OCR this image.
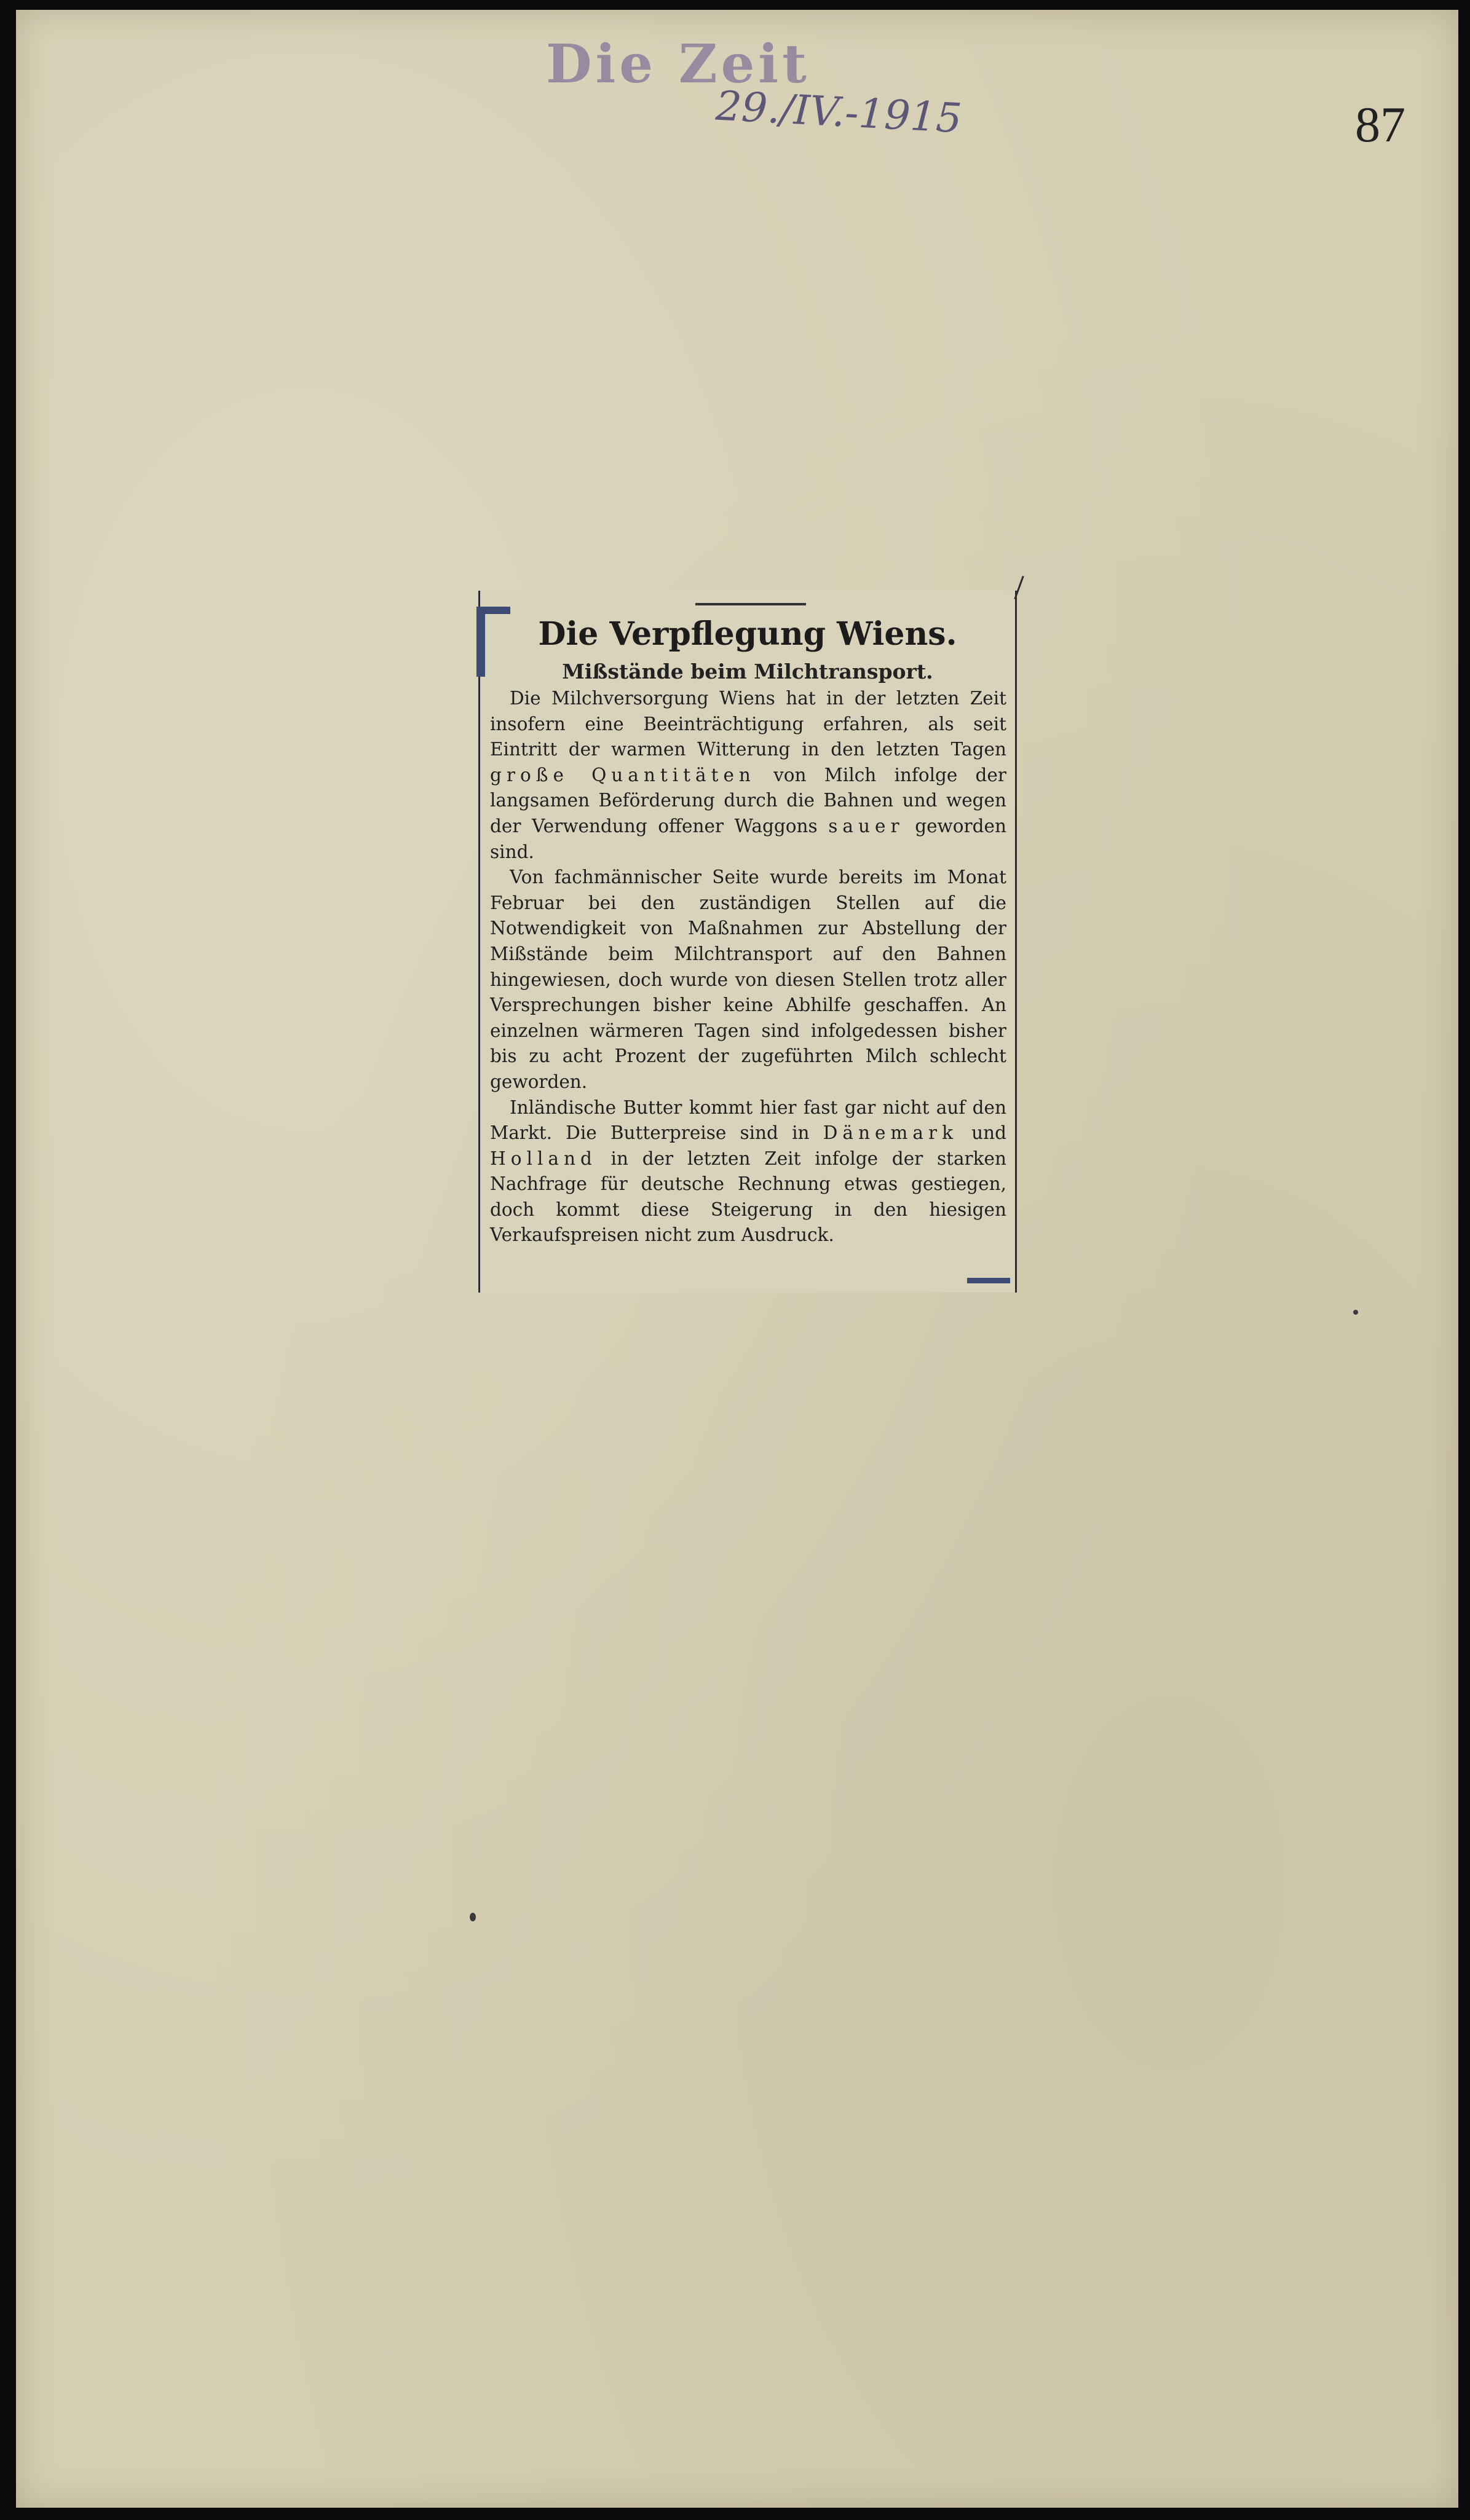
Die Zeit
29./IV.-1915	87
Die Verpflegung Wiens.
Mißstände beim Milchtransport.

Die Milchversorgung Wiens hat in der letzten Zeit insofern eine Beeinträchtigung erfahren, als seit Eintritt der warmen Witterung in den letzten Tagen große Quantitäten von Milch infolge der langsamen Beförderung durch die Bahnen und wegen der Verwendung offener Waggons sauer geworden sind.

Von fachmännischer Seite wurde bereits im Monat Februar bei den zuständigen Stellen auf die Notwendigkeit von Maßnahmen zur Abstellung der Mißstände beim Milchtransport auf den Bahnen hingewiesen, doch wurde von diesen Stellen trotz aller Versprechungen bisher keine Abhilfe geschaffen. An einzelnen wärmeren Tagen sind infolgedessen bisher bis zu acht Prozent der zugeführten Milch schlecht geworden.

Inländische Butter kommt hier fast gar nicht auf den Markt. Die Butterpreise sind in Dänemark und Holland in der letzten Zeit infolge der starken Nachfrage für deutsche Rechnung etwas gestiegen, doch kommt diese Steigerung in den hiesigen Verkaufspreisen nicht zum Ausdruck.
